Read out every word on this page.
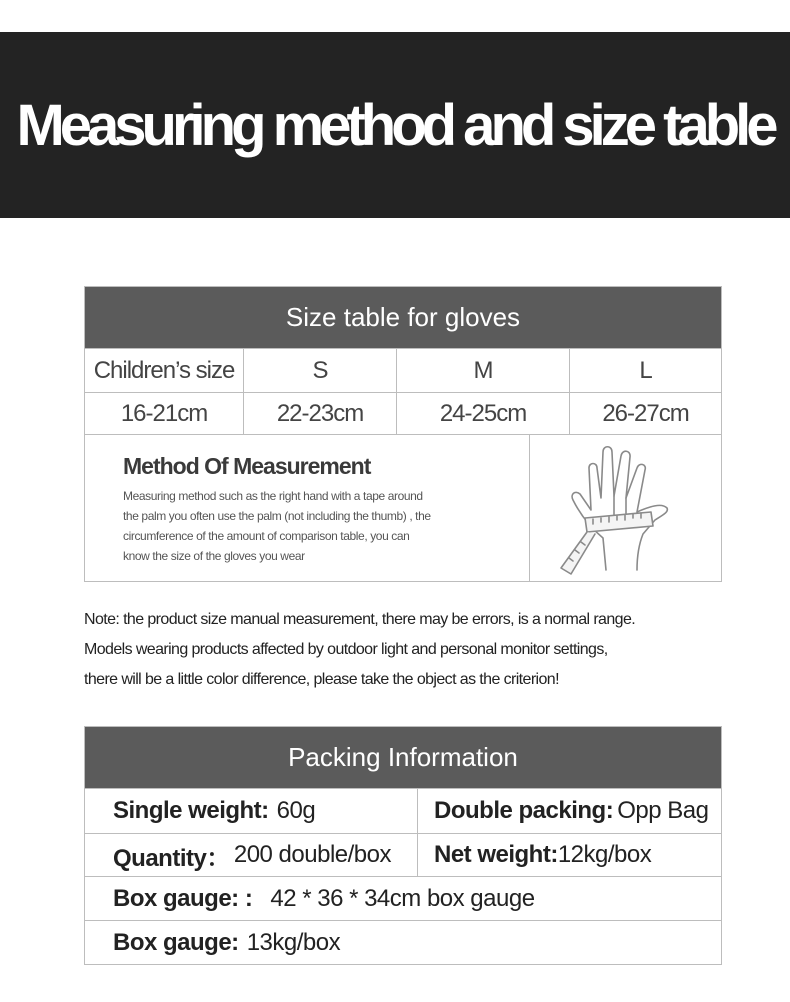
Measuring method and size table
Size table for gloves
Children’s size	S	M	L
16-21cm	22-23cm	24-25cm	26-27cm
Method Of Measurement

Measuring method such as the right hand with a tape around
the palm you often use the palm (not including the thumb) , the
circumference of the amount of comparison table, you can
know the size of the gloves you wear

Note: the product size manual measurement, there may be errors, is a normal range.
Models wearing products affected by outdoor light and personal monitor settings,
there will be a little color difference, please take the object as the criterion!
Packing Information
Single weight: 60g	Double packing: Opp Bag
Quantity： 200 double/box Net weight: 12kg/box
Box gauge: : 42 * 36 * 34cm box gauge
Box gauge: 13kg/box
